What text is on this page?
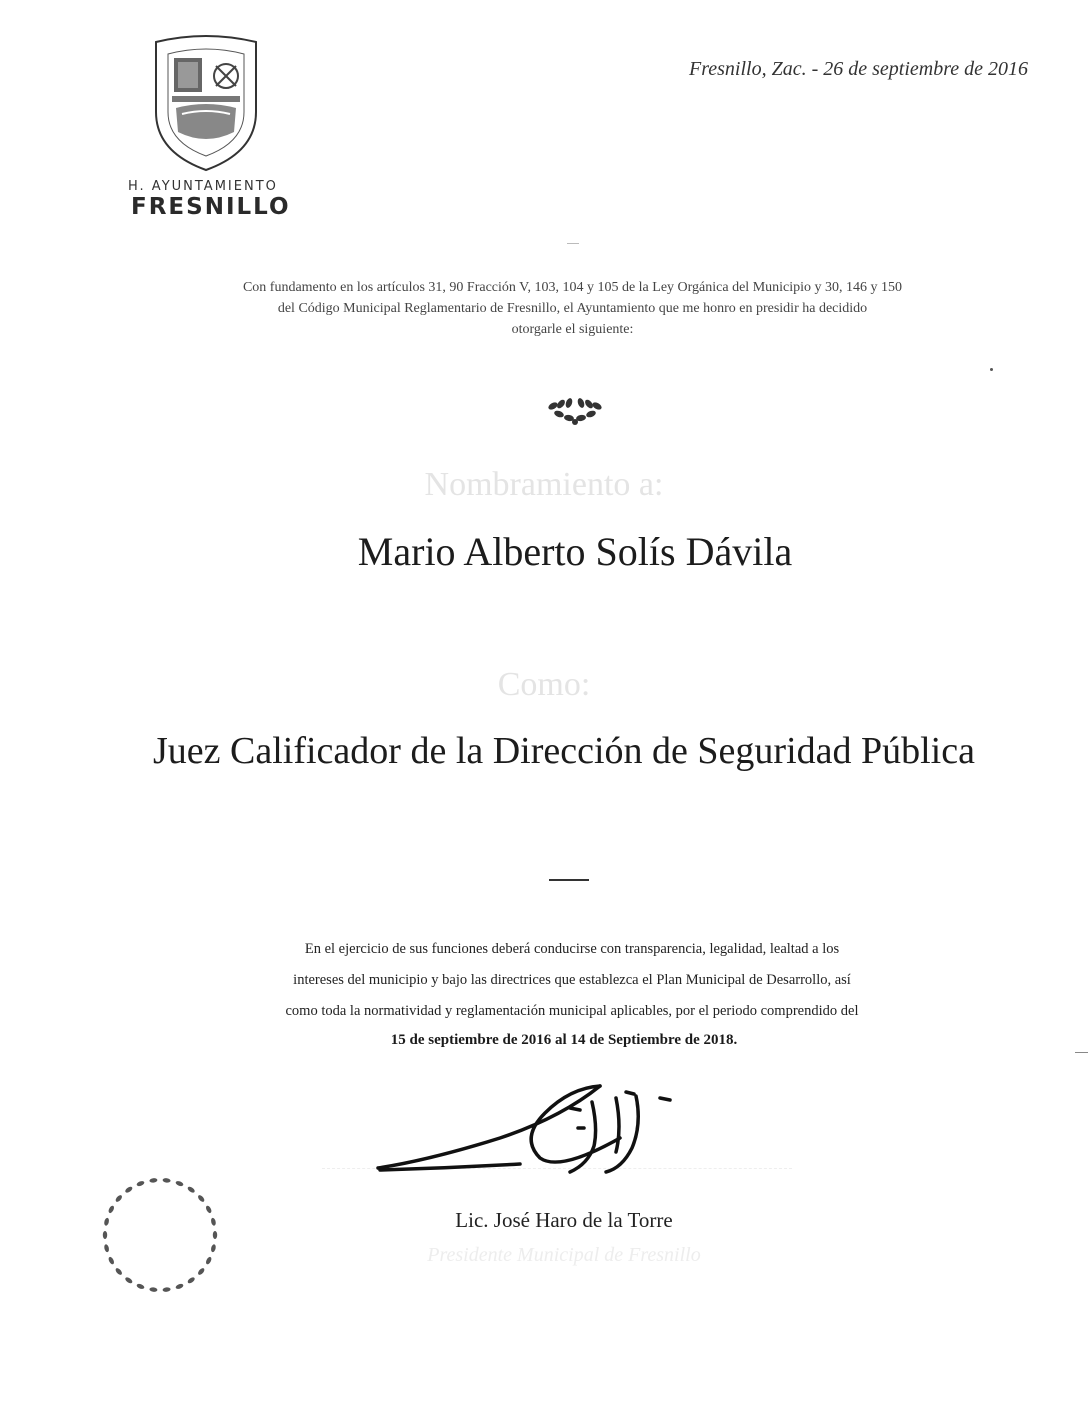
H. AYUNTAMIENTO
FRESNILLO
Fresnillo, Zac. - 26 de septiembre de 2016
Con fundamento en los artículos 31, 90 Fracción V, 103, 104 y 105 de la Ley Orgánica del Municipio y 30, 146 y 150
del Código Municipal Reglamentario de Fresnillo, el Ayuntamiento que me honro en presidir ha decidido
otorgarle el siguiente:
Nombramiento a:
Mario Alberto Solís Dávila
Como:
Juez Calificador de la Dirección de Seguridad Pública
En el ejercicio de sus funciones deberá conducirse con transparencia, legalidad, lealtad a los
intereses del municipio y bajo las directrices que establezca el Plan Municipal de Desarrollo, así
como toda la normatividad y reglamentación municipal aplicables, por el periodo comprendido del
15 de septiembre de 2016 al 14 de Septiembre de 2018.
Lic. José Haro de la Torre
Presidente Municipal de Fresnillo
